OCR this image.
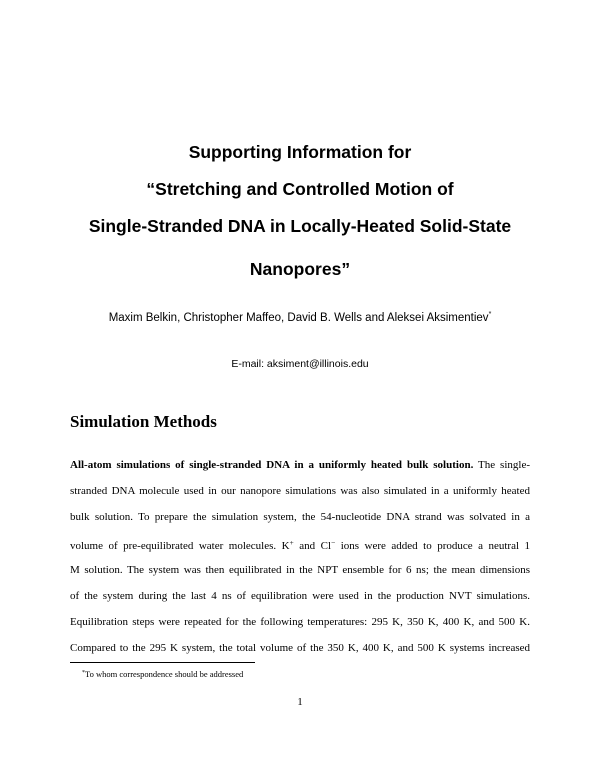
Supporting Information for
“Stretching and Controlled Motion of
Single-Stranded DNA in Locally-Heated Solid-State
Nanopores”
Maxim Belkin, Christopher Maffeo, David B. Wells and Aleksei Aksimentiev*
E-mail: aksiment@illinois.edu
Simulation Methods
All-atom simulations of single-stranded DNA in a uniformly heated bulk solution. The single-
stranded DNA molecule used in our nanopore simulations was also simulated in a uniformly heated
bulk solution. To prepare the simulation system, the 54-nucleotide DNA strand was solvated in a
volume of pre-equilibrated water molecules. K+ and Cl− ions were added to produce a neutral 1
M solution. The system was then equilibrated in the NPT ensemble for 6 ns; the mean dimensions
of the system during the last 4 ns of equilibration were used in the production NVT simulations.
Equilibration steps were repeated for the following temperatures: 295 K, 350 K, 400 K, and 500 K.
Compared to the 295 K system, the total volume of the 350 K, 400 K, and 500 K systems increased
*To whom correspondence should be addressed
1
